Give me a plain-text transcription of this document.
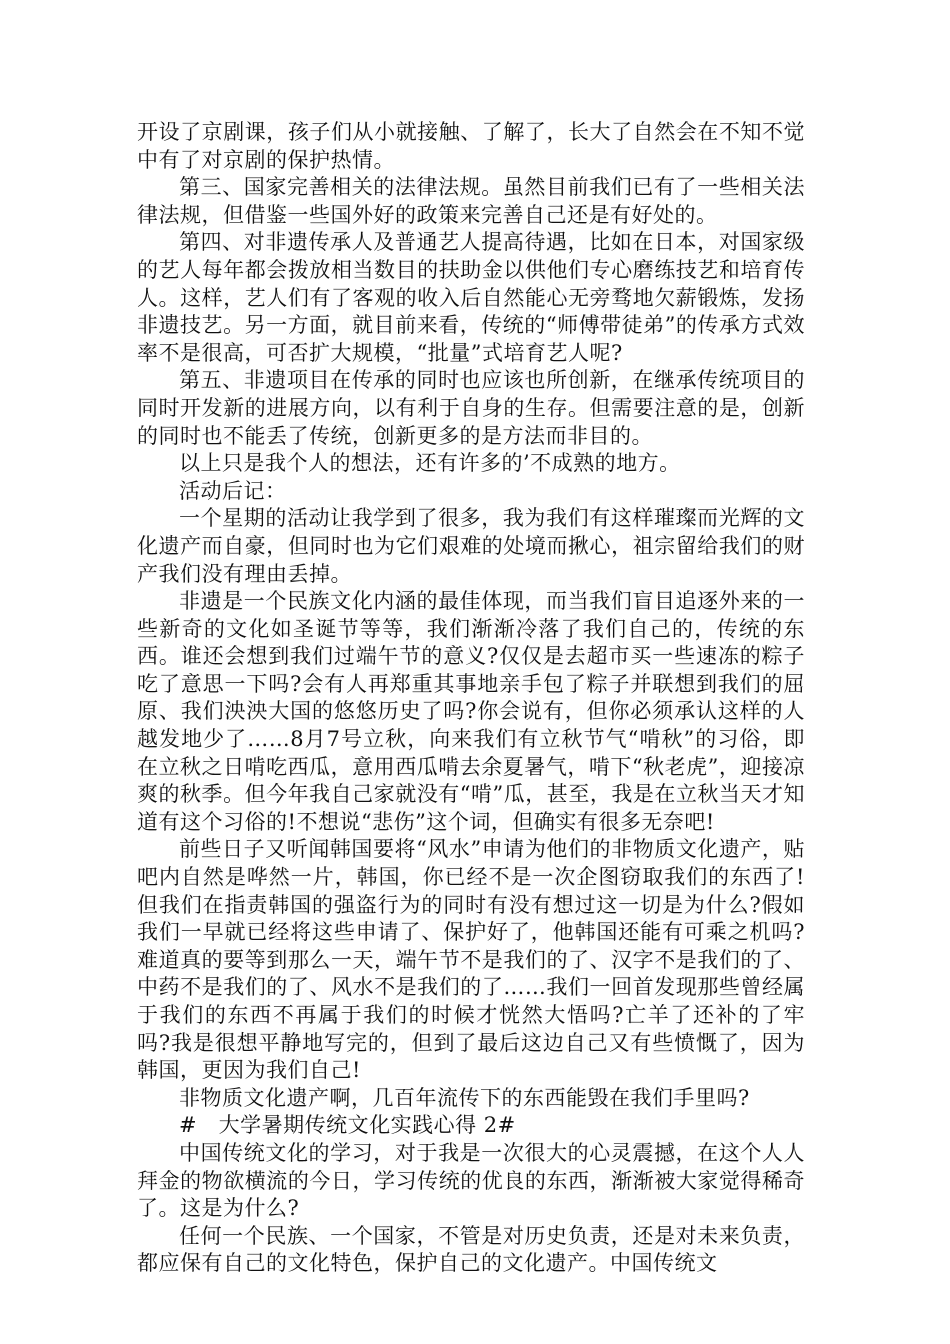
开设了京剧课，孩子们从小就接触、了解了，长大了自然会在不知不觉中有了对京剧的保护热情。

第三、国家完善相关的法律法规。虽然目前我们已有了一些相关法律法规，但借鉴一些国外好的政策来完善自己还是有好处的。

第四、对非遗传承人及普通艺人提高待遇，比如在日本，对国家级的艺人每年都会拨放相当数目的扶助金以供他们专心磨练技艺和培育传人。这样，艺人们有了客观的收入后自然能心无旁骛地欠薪锻炼，发扬非遗技艺。另一方面，就目前来看，传统的“师傅带徒弟”的传承方式效率不是很高，可否扩大规模，“批量”式培育艺人呢?

第五、非遗项目在传承的同时也应该也所创新，在继承传统项目的同时开发新的进展方向，以有利于自身的生存。但需要注意的是，创新的同时也不能丢了传统，创新更多的是方法而非目的。

以上只是我个人的想法，还有许多的’不成熟的地方。

活动后记：

一个星期的活动让我学到了很多，我为我们有这样璀璨而光辉的文化遗产而自豪，但同时也为它们艰难的处境而揪心，祖宗留给我们的财产我们没有理由丢掉。

非遗是一个民族文化内涵的最佳体现，而当我们盲目追逐外来的一些新奇的文化如圣诞节等等，我们渐渐冷落了我们自己的，传统的东西。谁还会想到我们过端午节的意义?仅仅是去超市买一些速冻的粽子吃了意思一下吗?会有人再郑重其事地亲手包了粽子并联想到我们的屈原、我们泱泱大国的悠悠历史了吗?你会说有，但你必须承认这样的人越发地少了……8月7号立秋，向来我们有立秋节气“啃秋”的习俗，即在立秋之日啃吃西瓜，意用西瓜啃去余夏暑气，啃下“秋老虎”，迎接凉爽的秋季。但今年我自己家就没有“啃”瓜，甚至，我是在立秋当天才知道有这个习俗的!不想说“悲伤”这个词，但确实有很多无奈吧!

前些日子又听闻韩国要将“风水”申请为他们的非物质文化遗产，贴吧内自然是哗然一片，韩国，你已经不是一次企图窃取我们的东西了!但我们在指责韩国的强盗行为的同时有没有想过这一切是为什么?假如我们一早就已经将这些申请了、保护好了，他韩国还能有可乘之机吗?难道真的要等到那么一天，端午节不是我们的了、汉字不是我们的了、中药不是我们的了、风水不是我们的了……我们一回首发现那些曾经属于我们的东西不再属于我们的时候才恍然大悟吗?亡羊了还补的了牢吗?我是很想平静地写完的，但到了最后这边自己又有些愤慨了，因为韩国，更因为我们自己!

非物质文化遗产啊，几百年流传下的东西能毁在我们手里吗?

#　大学暑期传统文化实践心得 2#

中国传统文化的学习，对于我是一次很大的心灵震撼，在这个人人拜金的物欲横流的今日，学习传统的优良的东西，渐渐被大家觉得稀奇了。这是为什么?

任何一个民族、一个国家，不管是对历史负责，还是对未来负责，都应保有自己的文化特色，保护自己的文化遗产。中国传统文
